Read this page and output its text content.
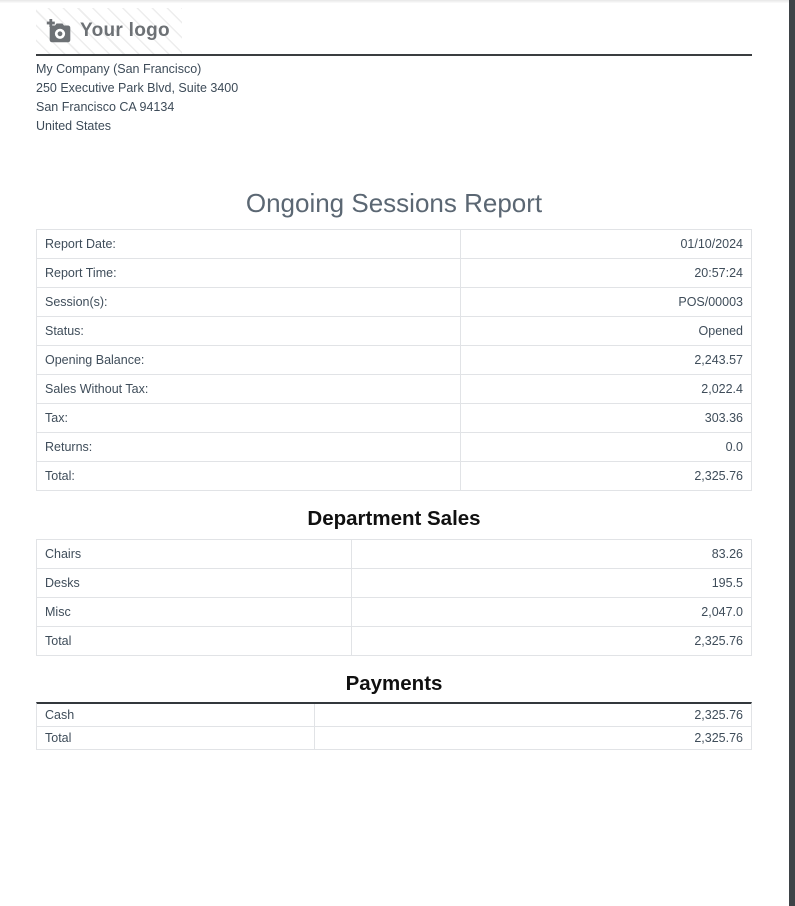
Your logo
My Company (San Francisco)
250 Executive Park Blvd, Suite 3400
San Francisco CA 94134
United States
Ongoing Sessions Report
Report Date:	01/10/2024
Report Time:	20:57:24
Session(s):	POS/00003
Status:	Opened
Opening Balance:	2,243.57
Sales Without Tax:	2,022.4
Tax:	303.36
Returns:	0.0
Total:	2,325.76
Department Sales
Chairs	83.26
Desks	195.5
Misc	2,047.0
Total	2,325.76
Payments
Cash	2,325.76
Total	2,325.76
